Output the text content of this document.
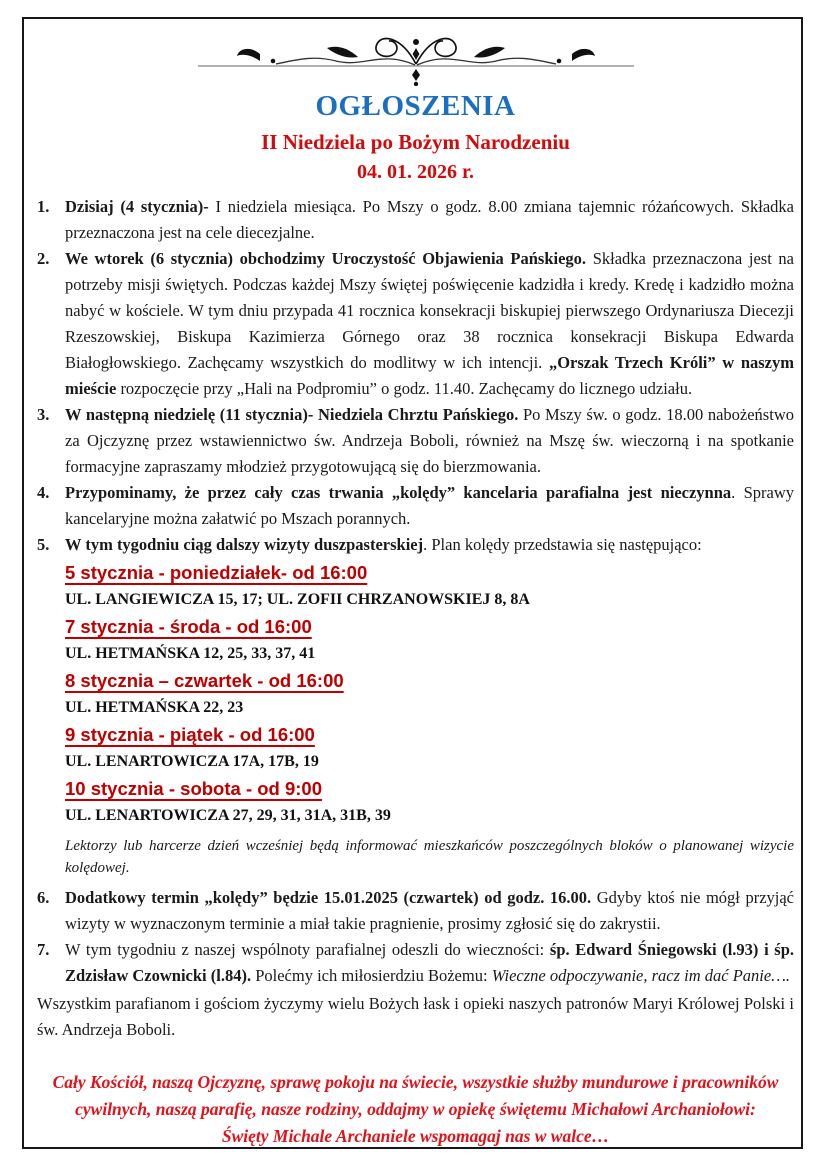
OGŁOSZENIA
II Niedziela po Bożym Narodzeniu
04. 01. 2026 r.
1. Dzisiaj (4 stycznia)- I niedziela miesiąca. Po Mszy o godz. 8.00 zmiana tajemnic różańcowych. Składka przeznaczona jest na cele diecezjalne.
2. We wtorek (6 stycznia) obchodzimy Uroczystość Objawienia Pańskiego. Składka przeznaczona jest na potrzeby misji świętych. Podczas każdej Mszy świętej poświęcenie kadzidła i kredy. Kredę i kadzidło można nabyć w kościele. W tym dniu przypada 41 rocznica konsekracji biskupiej pierwszego Ordynariusza Diecezji Rzeszowskiej, Biskupa Kazimierza Górnego oraz 38 rocznica konsekracji Biskupa Edwarda Białogłowskiego. Zachęcamy wszystkich do modlitwy w ich intencji. „Orszak Trzech Króli” w naszym mieście rozpoczęcie przy „Hali na Podpromiu” o godz. 11.40. Zachęcamy do licznego udziału.
3. W następną niedzielę (11 stycznia)- Niedziela Chrztu Pańskiego. Po Mszy św. o godz. 18.00 nabożeństwo za Ojczyznę przez wstawiennictwo św. Andrzeja Boboli, również na Mszę św. wieczorną i na spotkanie formacyjne zapraszamy młodzież przygotowującą się do bierzmowania.
4. Przypominamy, że przez cały czas trwania „kolędy” kancelaria parafialna jest nieczynna. Sprawy kancelaryjne można załatwić po Mszach porannych.
5. W tym tygodniu ciąg dalszy wizyty duszpasterskiej. Plan kolędy przedstawia się następująco:
5 stycznia - poniedziałek- od 16:00
UL. LANGIEWICZA 15, 17; UL. ZOFII CHRZANOWSKIEJ 8, 8A
7 stycznia - środa - od 16:00
UL. HETMAŃSKA 12, 25, 33, 37, 41
8 stycznia – czwartek - od 16:00
UL. HETMAŃSKA 22, 23
9 stycznia - piątek - od 16:00
UL. LENARTOWICZA 17A, 17B, 19
10 stycznia - sobota - od 9:00
UL. LENARTOWICZA 27, 29, 31, 31A, 31B, 39

Lektorzy lub harcerze dzień wcześniej będą informować mieszkańców poszczególnych bloków o planowanej wizycie kolędowej.

6. Dodatkowy termin „kolędy” będzie 15.01.2025 (czwartek) od godz. 16.00. Gdyby ktoś nie mógł przyjąć wizyty w wyznaczonym terminie a miał takie pragnienie, prosimy zgłosić się do zakrystii.
7. W tym tygodniu z naszej wspólnoty parafialnej odeszli do wieczności: śp. Edward Śniegowski (l.93) i śp. Zdzisław Czownicki (l.84). Polećmy ich miłosierdziu Bożemu: Wieczne odpoczywanie, racz im dać Panie….

Wszystkim parafianom i gościom życzymy wielu Bożych łask i opieki naszych patronów Maryi Królowej Polski i św. Andrzeja Boboli.

Cały Kościół, naszą Ojczyznę, sprawę pokoju na świecie, wszystkie służby mundurowe i pracowników cywilnych, naszą parafię, nasze rodziny, oddajmy w opiekę świętemu Michałowi Archaniołowi:

Święty Michale Archaniele wspomagaj nas w walce…
